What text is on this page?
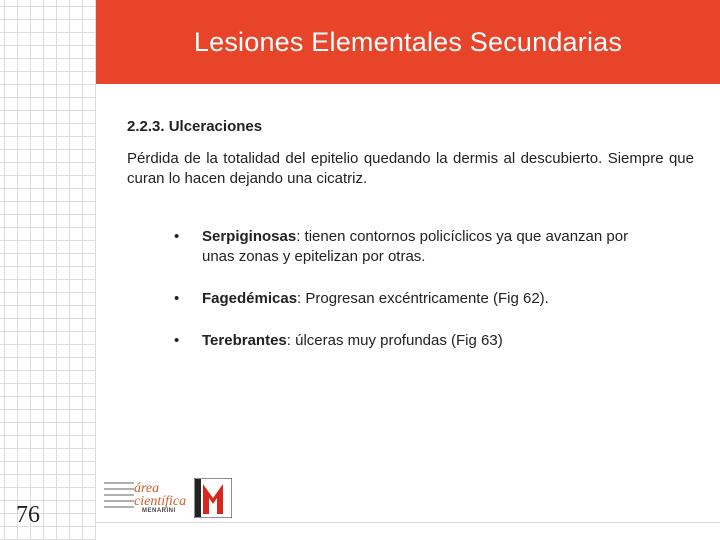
Lesiones Elementales Secundarias

2.2.3. Ulceraciones

Pérdida de la totalidad del epitelio quedando la dermis al descubierto. Siempre que curan lo hacen dejando una cicatriz.

• Serpiginosas: tienen contornos policíclicos ya que avanzan por unas zonas y epitelizan por otras.
• Fagedémicas: Progresan excéntricamente (Fig 62).
• Terebrantes: úlceras muy profundas (Fig 63)
76
área
científica
MENARINI
